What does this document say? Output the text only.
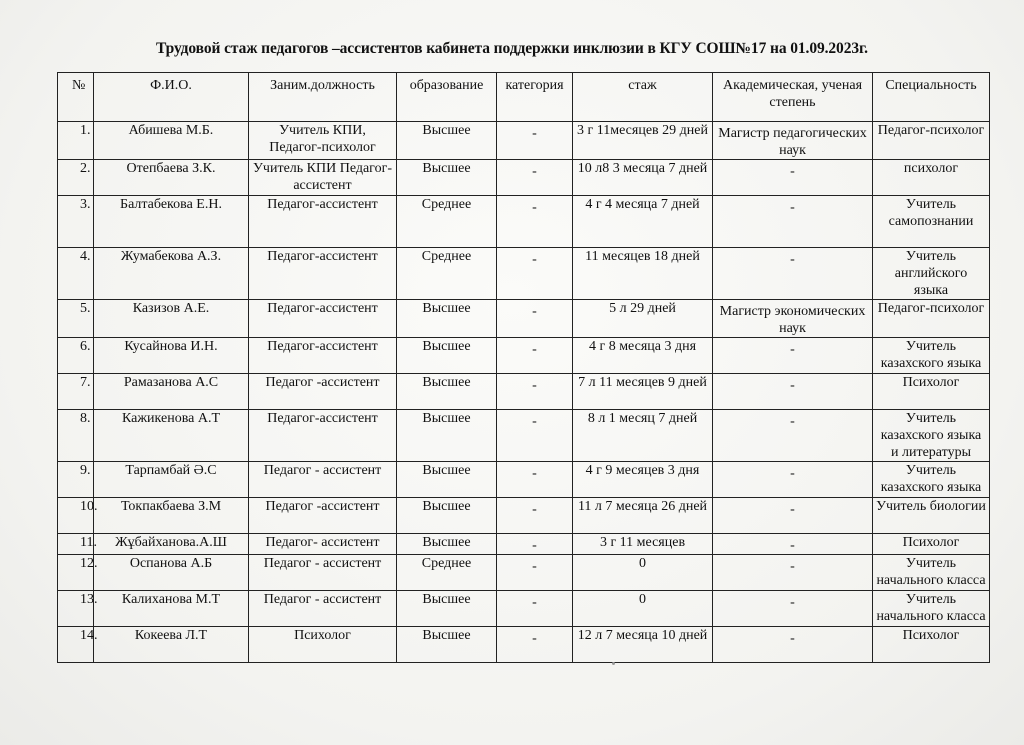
Трудовой стаж педагогов –ассистентов кабинета поддержки инклюзии в КГУ СОШ№17 на 01.09.2023г.
№	Ф.И.О.	Заним.должность	образование	категория	стаж	Академическая, ученая степень	Специальность
1.	Абишева М.Б.	Учитель КПИ, Педагог-психолог	Высшее	-	3 г 11месяцев 29 дней	Магистр педагогических наук	Педагог-психолог
2.	Отепбаева З.К.	Учитель КПИ Педагог-ассистент	Высшее	-	10 л8 3 месяца 7 дней	-	психолог
3.	Балтабекова Е.Н.	Педагог-ассистент	Среднее	-	4 г 4 месяца 7 дней	-	Учитель самопознании
4.	Жумабекова А.З.	Педагог-ассистент	Среднее	-	11 месяцев 18 дней	-	Учитель английского языка
5.	Казизов А.Е.	Педагог-ассистент	Высшее	-	5 л 29 дней	Магистр экономических наук	Педагог-психолог
6.	Кусайнова И.Н.	Педагог-ассистент	Высшее	-	4 г 8 месяца 3 дня	-	Учитель казахского языка
7.	Рамазанова А.С	Педагог -ассистент	Высшее	-	7 л 11 месяцев 9 дней	-	Психолог
8.	Кажикенова А.Т	Педагог-ассистент	Высшее	-	8 л 1 месяц 7 дней	-	Учитель казахского языка и литературы
9.	Тарпамбай Ә.С	Педагог - ассистент	Высшее	-	4 г 9 месяцев 3 дня	-	Учитель казахского языка
10.	Токпакбаева З.М	Педагог -ассистент	Высшее	-	11 л 7 месяца 26 дней	-	Учитель биологии
11.	Жұбайханова.А.Ш	Педагог- ассистент	Высшее	-	3 г 11 месяцев	-	Психолог
12.	Оспанова А.Б	Педагог - ассистент	Среднее	-	0	-	Учитель начального класса
13.	Калиханова М.Т	Педагог - ассистент	Высшее	-	0	-	Учитель начального класса
14.	Кокеева Л.Т	Психолог	Высшее	-	12 л 7 месяца 10 дней	-	Психолог
